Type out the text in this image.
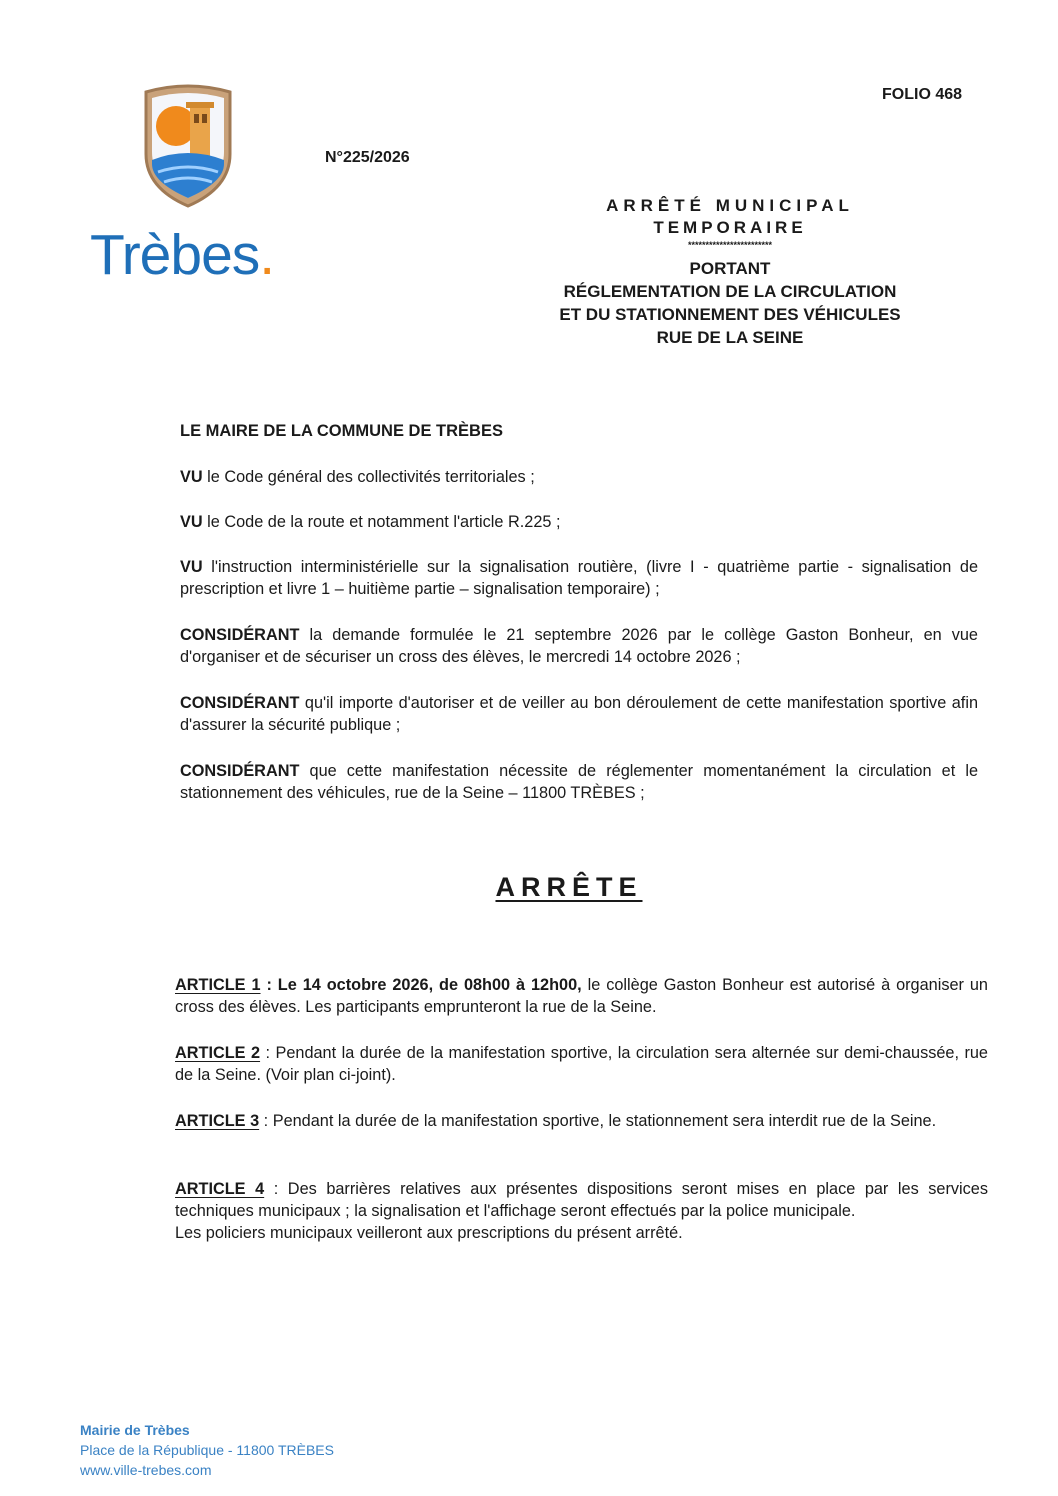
FOLIO 468
N°225/2026
Trèbes.
ARRÊTÉ MUNICIPAL
TEMPORAIRE
************************
PORTANT
RÉGLEMENTATION DE LA CIRCULATION
ET DU STATIONNEMENT DES VÉHICULES
RUE DE LA SEINE
LE MAIRE DE LA COMMUNE DE TRÈBES
VU le Code général des collectivités territoriales ;
VU le Code de la route et notamment l'article R.225 ;
VU l'instruction interministérielle sur la signalisation routière, (livre I - quatrième partie - signalisation de prescription et livre 1 – huitième partie – signalisation temporaire) ;
CONSIDÉRANT la demande formulée le 21 septembre 2026 par le collège Gaston Bonheur, en vue d'organiser et de sécuriser un cross des élèves, le mercredi 14 octobre 2026 ;
CONSIDÉRANT qu'il importe d'autoriser et de veiller au bon déroulement de cette manifestation sportive afin d'assurer la sécurité publique ;
CONSIDÉRANT que cette manifestation nécessite de réglementer momentanément la circulation et le stationnement des véhicules, rue de la Seine – 11800 TRÈBES ;
ARRÊTE
ARTICLE 1 : Le 14 octobre 2026, de 08h00 à 12h00, le collège Gaston Bonheur est autorisé à organiser un cross des élèves. Les participants emprunteront la rue de la Seine.
ARTICLE 2 : Pendant la durée de la manifestation sportive, la circulation sera alternée sur demi-chaussée, rue de la Seine. (Voir plan ci-joint).
ARTICLE 3 : Pendant la durée de la manifestation sportive, le stationnement sera interdit rue de la Seine.
ARTICLE 4 : Des barrières relatives aux présentes dispositions seront mises en place par les services techniques municipaux ; la signalisation et l'affichage seront effectués par la police municipale.

Les policiers municipaux veilleront aux prescriptions du présent arrêté.
Mairie de Trèbes
Place de la République - 11800 TRÈBES
www.ville-trebes.com
